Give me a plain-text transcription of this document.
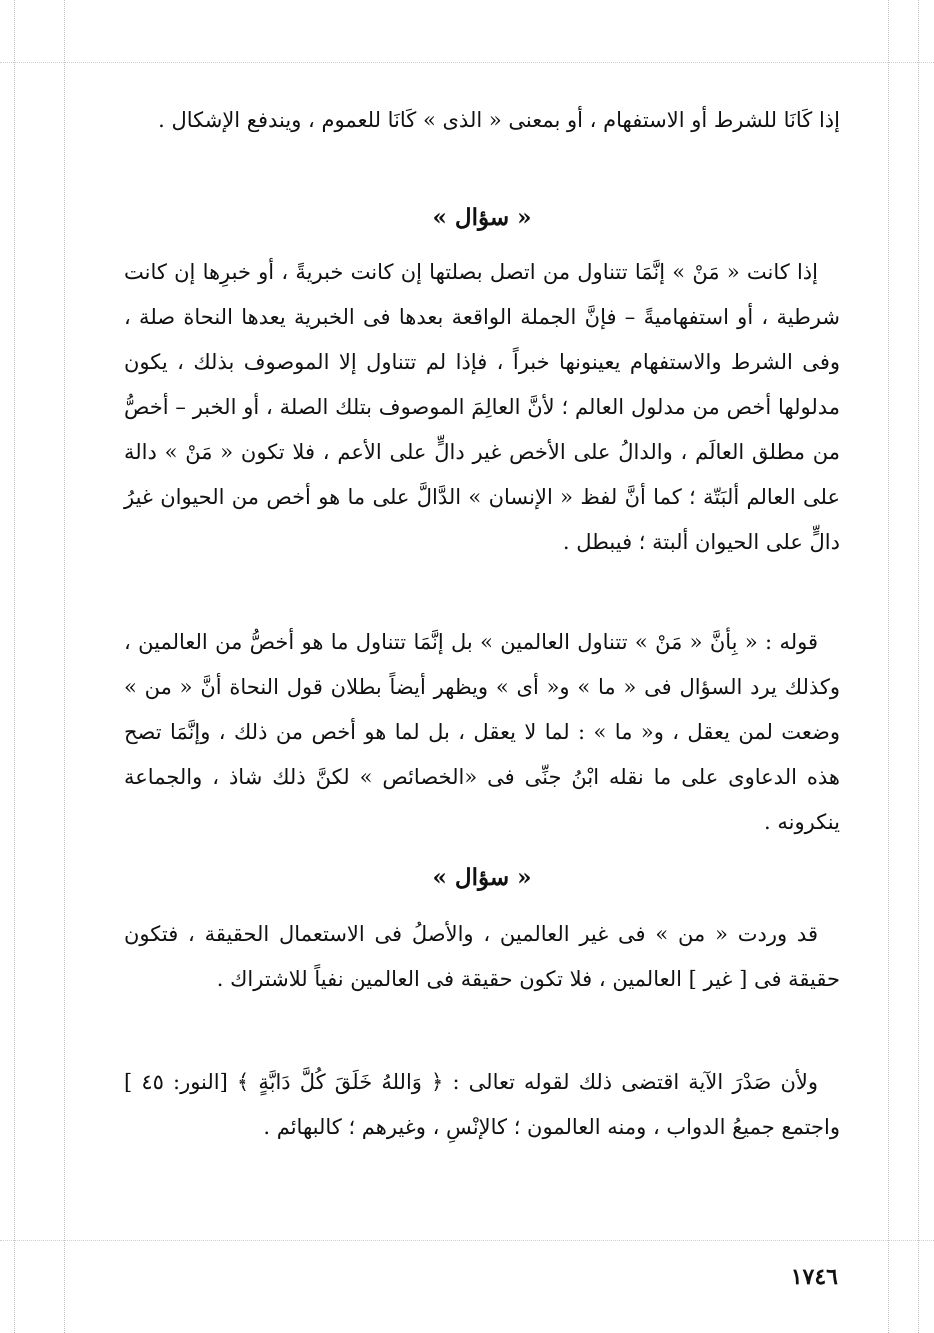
إذا كَانَا للشرط أو الاستفهام ، أو بمعنى « الذى » كَانَا للعموم ، ويندفع الإشكال .

« سؤال »

إذا كانت « مَنْ » إنَّمَا تتناول من اتصل بصلتها إن كانت خبريةً ، أو خبرِها إن كانت شرطية ، أو استفهاميةً – فإنَّ الجملة الواقعة بعدها فى الخبرية يعدها النحاة صلة ، وفى الشرط والاستفهام يعينونها خبراً ، فإذا لم تتناول إلا الموصوف بذلك ، يكون مدلولها أخص من مدلول العالم ؛ لأنَّ العالِمَ الموصوف بتلك الصلة ، أو الخبر – أخصُّ من مطلق العالَم ، والدالُ على الأخص غير دالٍّ على الأعم ، فلا تكون « مَنْ » دالة على العالم ألبَتّة ؛ كما أنَّ لفظ « الإنسان » الدَّالَّ على ما هو أخص من الحيوان غيرُ دالٍّ على الحيوان ألبتة ؛ فيبطل .

قوله : « بِأنَّ « مَنْ » تتناول العالمين » بل إنَّمَا تتناول ما هو أخصُّ من العالمين ، وكذلك يرد السؤال فى « ما » و« أى » ويظهر أيضاً بطلان قول النحاة أنَّ « من » وضعت لمن يعقل ، و« ما » : لما لا يعقل ، بل لما هو أخص من ذلك ، وإنَّمَا تصح هذه الدعاوى على ما نقله ابْنُ جنِّى فى «الخصائص » لكنَّ ذلك شاذ ، والجماعة ينكرونه .

« سؤال »

قد وردت « من » فى غير العالمين ، والأصلُ فى الاستعمال الحقيقة ، فتكون حقيقة فى [ غير ] العالمين ، فلا تكون حقيقة فى العالمين نفياً للاشتراك .

ولأن صَدْرَ الآية اقتضى ذلك لقوله تعالى : ﴿ وَاللهُ خَلَقَ كُلَّ دَابَّةٍ ﴾ [النور: ٤٥ ] واجتمع جميعُ الدواب ، ومنه العالمون ؛ كالإنْسِ ، وغيرهم ؛ كالبهائم .

١٧٤٦
